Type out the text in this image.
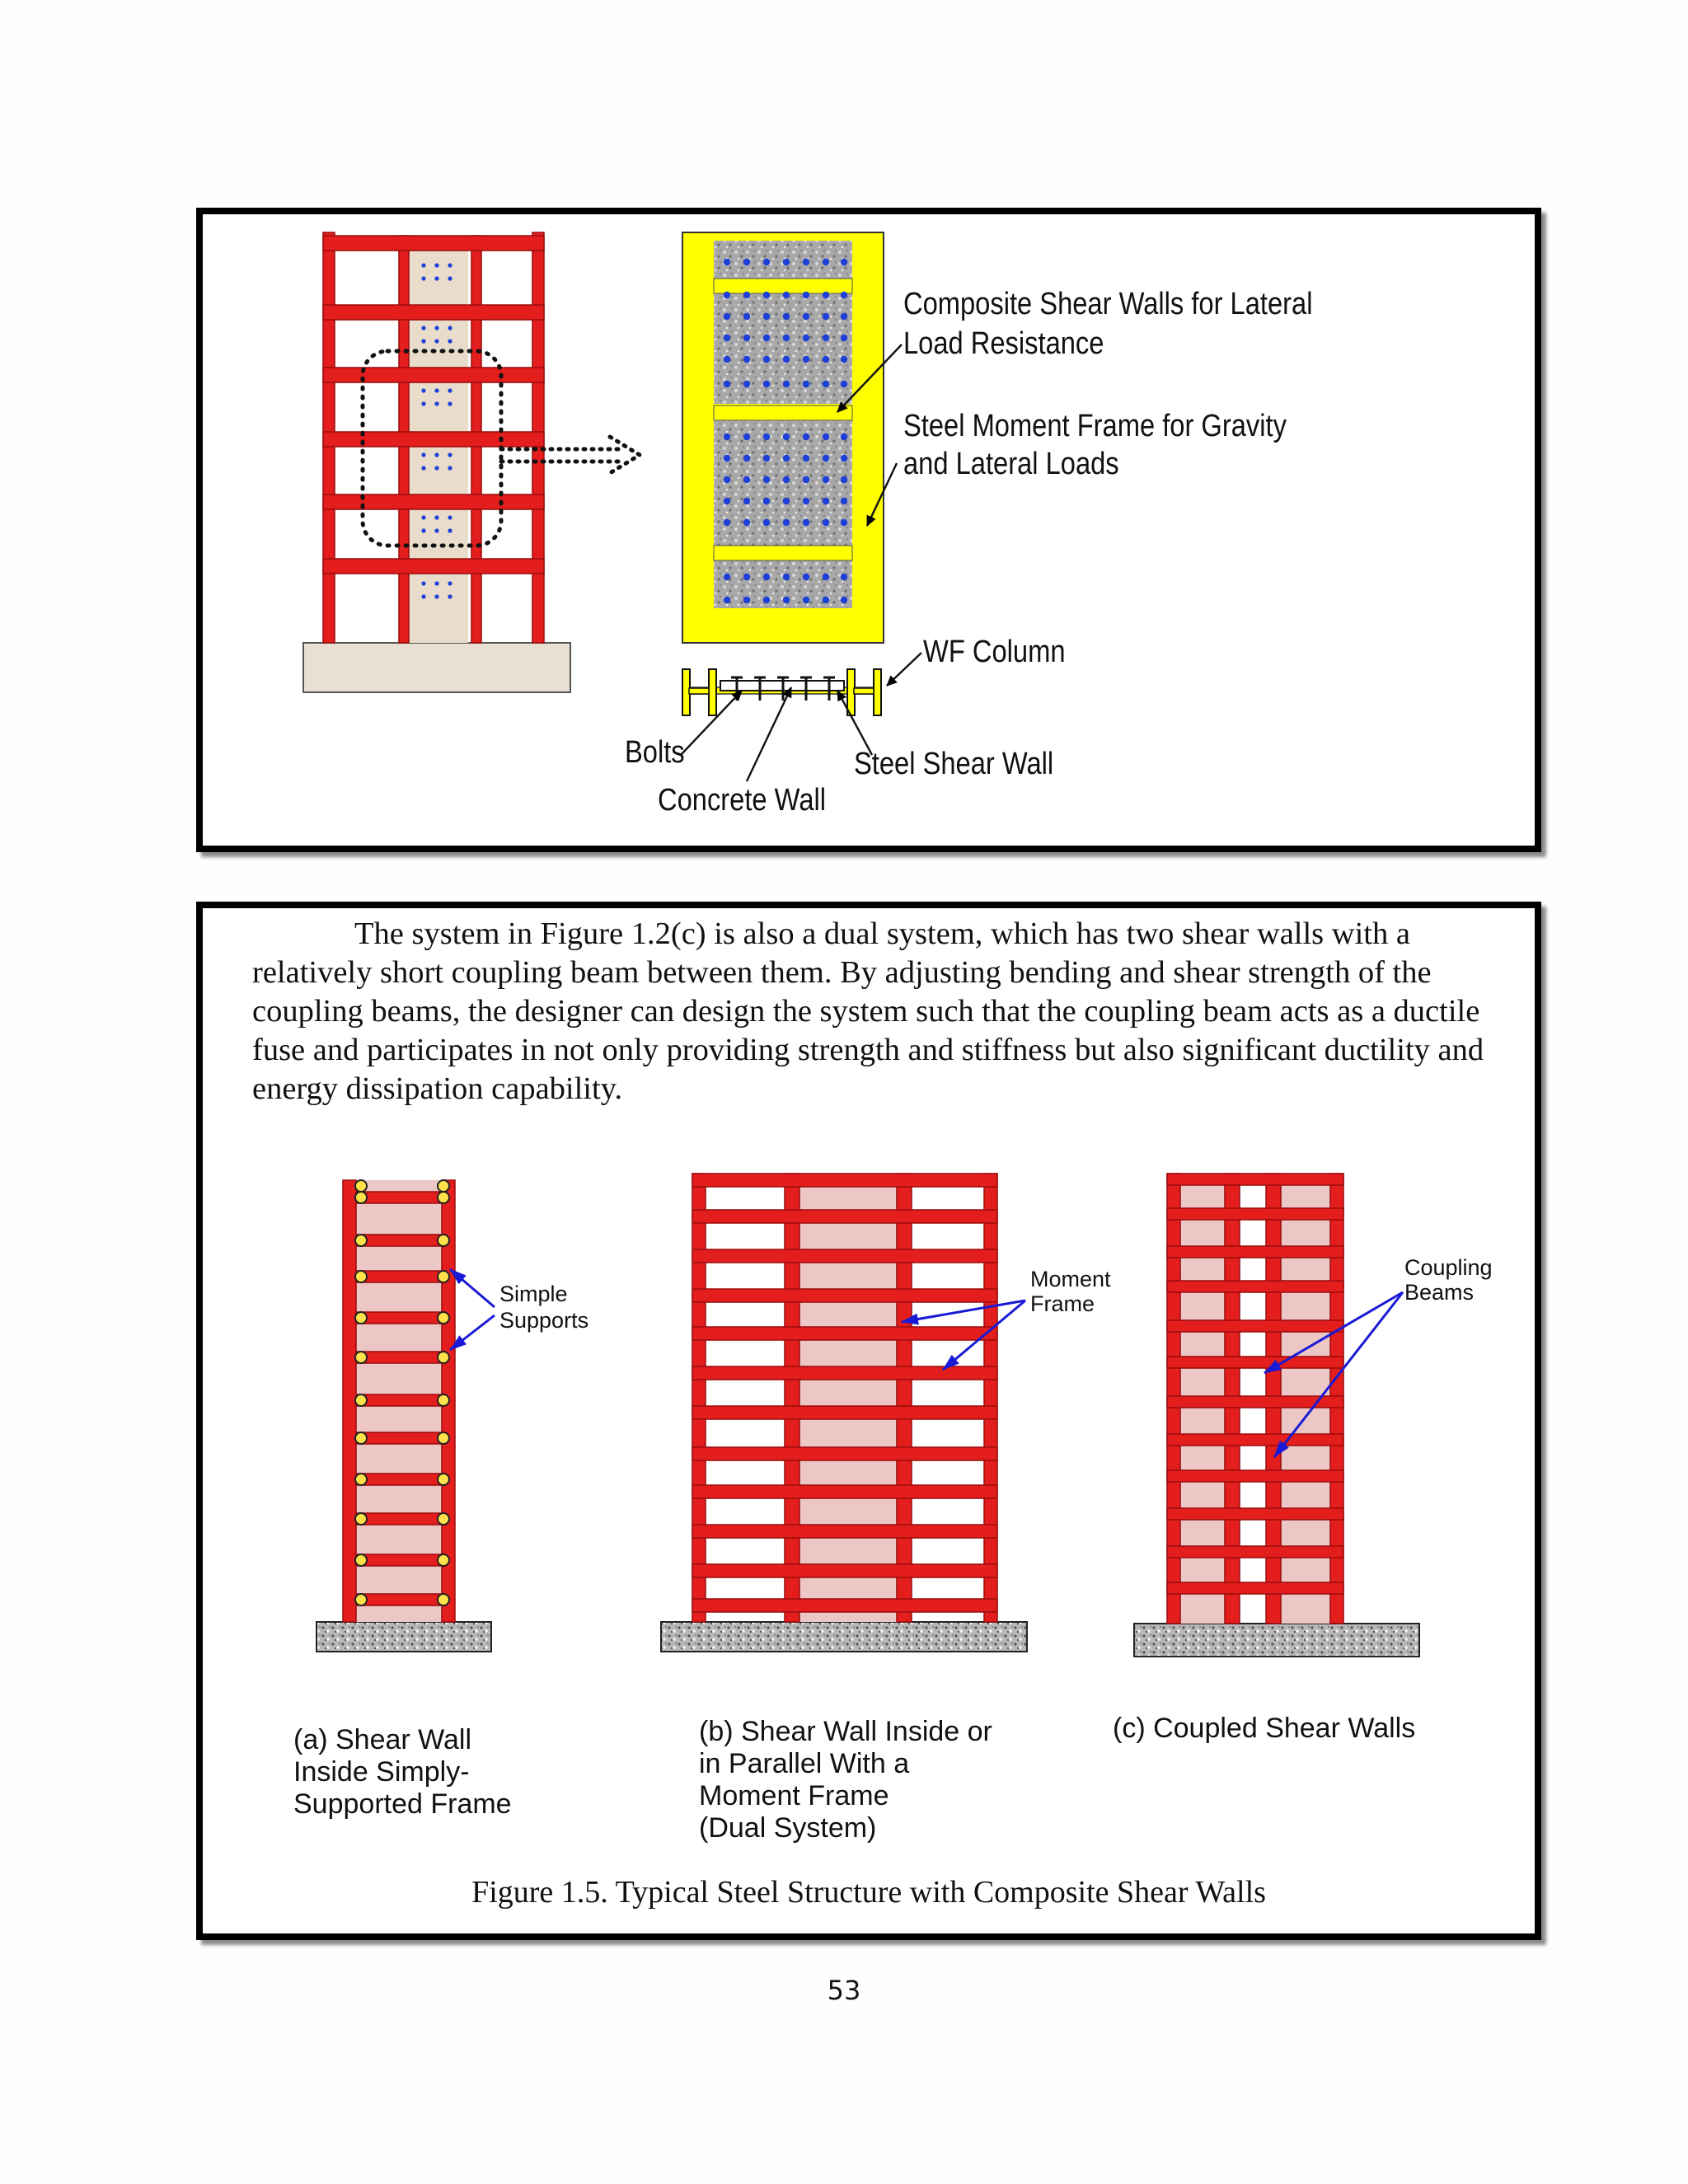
Composite Shear Walls for Lateral
Load Resistance
Steel Moment Frame for Gravity
and Lateral Loads
WF Column
Bolts	Steel Shear Wall
Concrete Wall

The system in Figure 1.2(c) is also a dual system, which has two shear walls with a
relatively short coupling beam between them. By adjusting bending and shear strength of the
coupling beams, the designer can design the system such that the coupling beam acts as a ductile
fuse and participates in not only providing strength and stiffness but also significant ductility and
energy dissipation capability.

Simple
Supports
Moment
Frame
Coupling
Beams
(a) Shear Wall
Inside Simply-
Supported Frame
(b) Shear Wall Inside or
in Parallel With a
Moment Frame
(Dual System)
(c) Coupled Shear Walls
Figure 1.5. Typical Steel Structure with Composite Shear Walls
53
